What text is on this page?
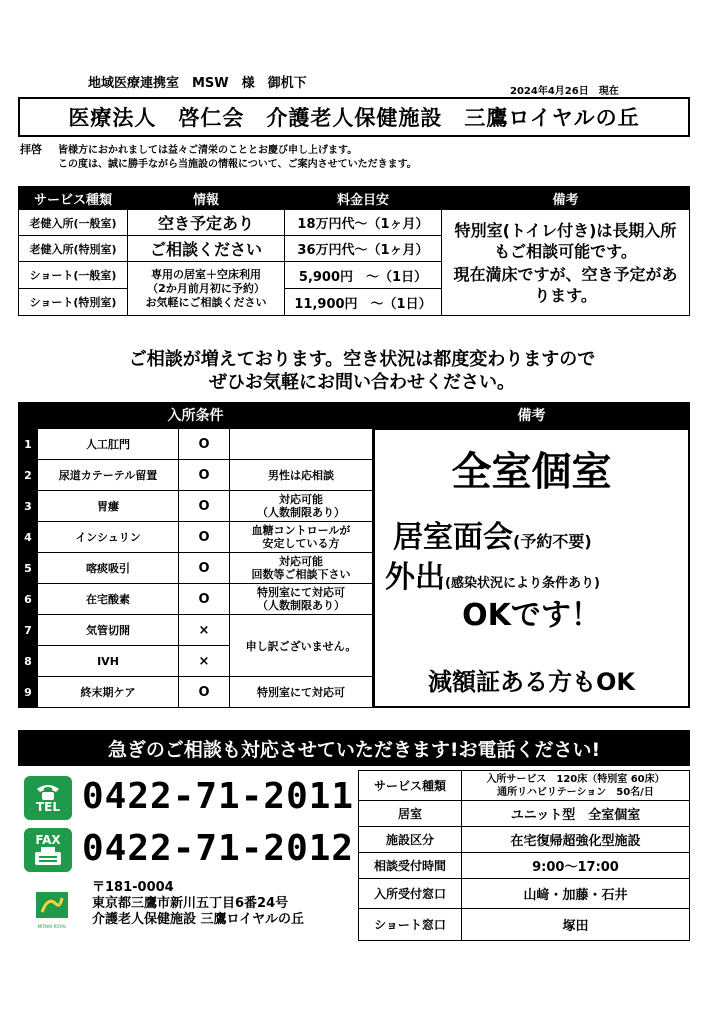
地域医療連携室　MSW　様　御机下
2024年4月26日　現在
医療法人　啓仁会　介護老人保健施設　三鷹ロイヤルの丘
拝啓 皆様方におかれましては益々ご清栄のこととお慶び申し上げます。
この度は、誠に勝手ながら当施設の情報について、ご案内させていただきます。
サービス種類	情報	料金目安	備考
老健入所(一般室)	空き予定あり	18万円代～（1ヶ月）	特別室(トイレ付き)は長期入所もご相談可能です。
現在満床ですが、空き予定があります。

老健入所(特別室)	ご相談ください	36万円代～（1ヶ月）	
ショート(一般室)	専用の居室＋空床利用
（2か月前月初に予約）
お気軽にご相談ください	5,900円　～（1日）	
ショート(特別室)		11,900円　～（1日）	
ご相談が増えております。空き状況は都度変わりますので
ぜひお気軽にお問い合わせください。
入所条件	備考
1	人工肛門	O	
2	尿道カテーテル留置	O	男性は応相談
3	胃瘻	O	対応可能
（人数制限あり）
4	インシュリン	O	血糖コントロールが
安定している方
5	喀痰吸引	O	対応可能
回数等ご相談下さい
6	在宅酸素	O	特別室にて対応可
（人数制限あり）
7	気管切開	×	申し訳ございません。
8	IVH	×	
9	終末期ケア	O	特別室にて対応可
全室個室
居室面会(予約不要)
外出(感染状況により条件あり)
OKです！
減額証ある方もOK
急ぎのご相談も対応させていただきます!お電話ください!
TEL 0422-71-2011
FAX 0422-71-2012
MITAKA ROYAL
〒181-0004
東京都三鷹市新川五丁目6番24号
介護老人保健施設 三鷹ロイヤルの丘
サービス種類	入所サービス　120床（特別室 60床）
通所リハビリテーション　50名/日

居室	ユニット型　全室個室
施設区分	在宅復帰超強化型施設
相談受付時間	9:00～17:00
入所受付窓口	山﨑・加藤・石井
ショート窓口	塚田
